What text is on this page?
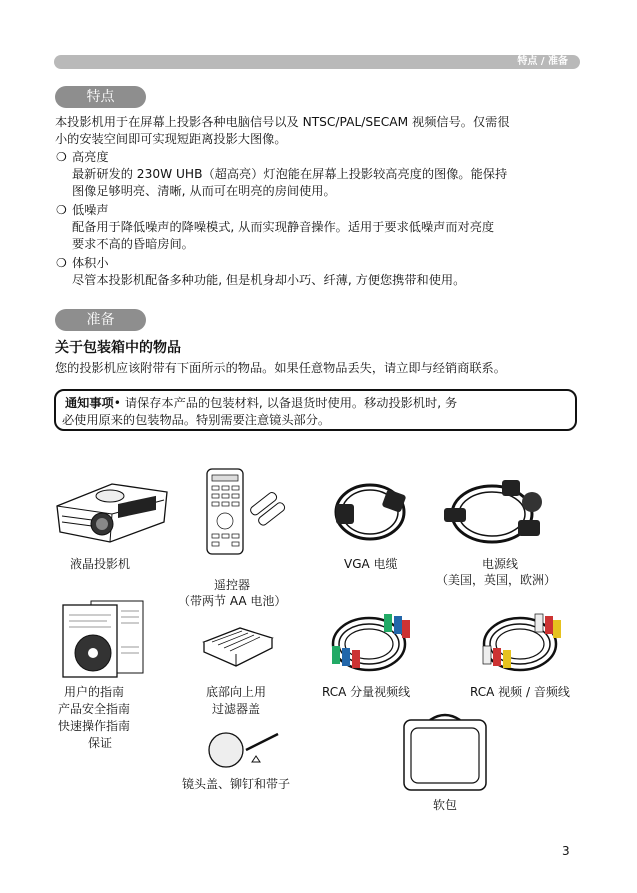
特点 / 准备
特点
本投影机用于在屏幕上投影各种电脑信号以及 NTSC/PAL/SECAM 视频信号。仅需很
小的安装空间即可实现短距离投影大图像。
❍ 高亮度
最新研发的 230W UHB（超高亮）灯泡能在屏幕上投影较高亮度的图像。能保持
图像足够明亮、清晰, 从而可在明亮的房间使用。
❍ 低噪声
配备用于降低噪声的降噪模式, 从而实现静音操作。适用于要求低噪声而对亮度
要求不高的昏暗房间。
❍ 体积小
尽管本投影机配备多种功能, 但是机身却小巧、纤薄, 方便您携带和使用。
准备
关于包装箱中的物品
您的投影机应该附带有下面所示的物品。如果任意物品丢失，请立即与经销商联系。
通知事项• 请保存本产品的包装材料, 以备退货时使用。移动投影机时, 务
必使用原来的包装物品。特别需要注意镜头部分。
液晶投影机
遥控器
（带两节 AA 电池）
VGA 电缆	电源线
（美国，英国，欧洲）
用户的指南
产品安全指南
快速操作指南
保证
底部向上用
过滤器盖
RCA 分量视频线	RCA 视频 / 音频线
镜头盖、铆钉和带子
软包
3
